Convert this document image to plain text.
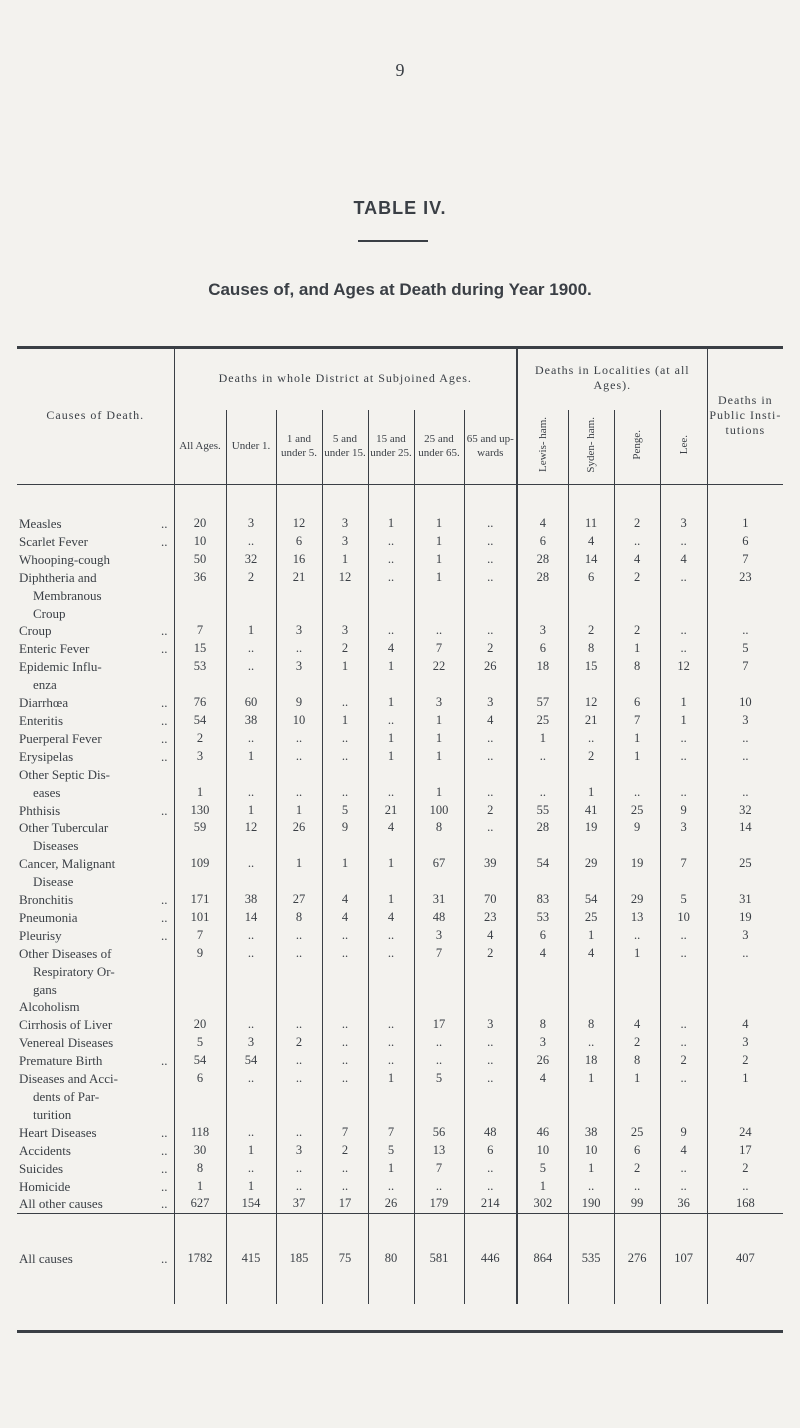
9
TABLE IV.
Causes of, and Ages at Death during Year 1900.
Causes of Death.	Deaths in whole District at Subjoined Ages.							Deaths in Localities (at all Ages).				Deaths in Public Insti- tutions
	All Ages.	Under 1.	1 and under 5.	5 and under 15.	15 and under 25.	25 and under 65.	65 and up- wards	Lewis- ham.	Syden- ham.	Penge.	Lee.	

Measles ..	20	3	12	3	1	1	..	4	11	2	3	1
Scarlet Fever ..	10	..	6	3	..	1	..	6	4	..	..	6
Whooping-cough	50	32	16	1	..	1	..	28	14	4	4	7
Diphtheria and	36	2	21	12	..	1	..	28	6	2	..	23
Membranous												
Croup												
Croup ..	7	1	3	3	..	..	..	3	2	2	..	..
Enteric Fever ..	15	..	..	2	4	7	2	6	8	1	..	5
Epidemic Influ-	53	..	3	1	1	22	26	18	15	8	12	7
enza												
Diarrhœa ..	76	60	9	..	1	3	3	57	12	6	1	10
Enteritis ..	54	38	10	1	..	1	4	25	21	7	1	3
Puerperal Fever ..	2	..	..	..	1	1	..	1	..	1	..	..
Erysipelas ..	3	1	..	..	1	1	..	..	2	1	..	..
Other Septic Dis-												
eases	1	..	..	..	..	1	..	..	1	..	..	..
Phthisis ..	130	1	1	5	21	100	2	55	41	25	9	32
Other Tubercular	59	12	26	9	4	8	..	28	19	9	3	14
Diseases												
Cancer, Malignant	109	..	1	1	1	67	39	54	29	19	7	25
Disease												
Bronchitis ..	171	38	27	4	1	31	70	83	54	29	5	31
Pneumonia ..	101	14	8	4	4	48	23	53	25	13	10	19
Pleurisy ..	7	..	..	..	..	3	4	6	1	..	..	3
Other Diseases of	9	..	..	..	..	7	2	4	4	1	..	..
Respiratory Or-												
gans												
Alcoholism												
Cirrhosis of Liver	20	..	..	..	..	17	3	8	8	4	..	4
Venereal Diseases	5	3	2	..	..	..	..	3	..	2	..	3
Premature Birth ..	54	54	..	..	..	..	..	26	18	8	2	2
Diseases and Acci-	6	..	..	..	1	5	..	4	1	1	..	1
dents of Par-												
turition												
Heart Diseases ..	118	..	..	7	7	56	48	46	38	25	9	24
Accidents ..	30	1	3	2	5	13	6	10	10	6	4	17
Suicides ..	8	..	..	..	1	7	..	5	1	2	..	2
Homicide ..	1	1	..	..	..	..	..	1	..	..	..	..
All other causes ..	627	154	37	17	26	179	214	302	190	99	36	168
All causes ..	1782	415	185	75	80	581	446	864	535	276	107	407
